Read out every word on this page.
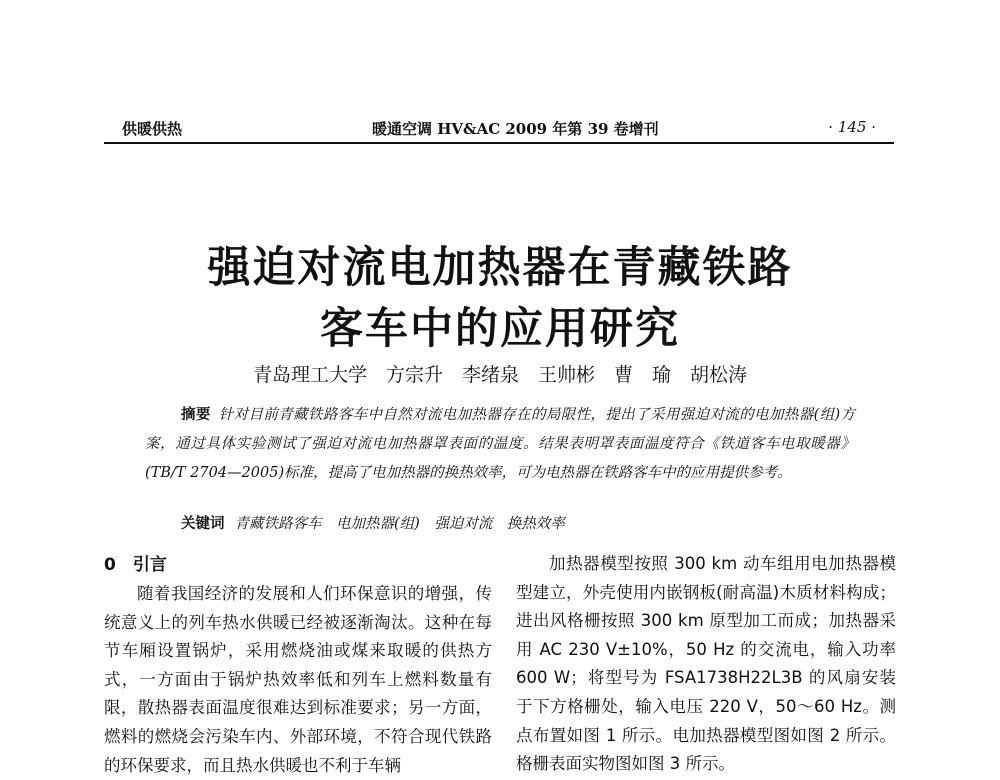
供暖供热	暖通空调 HV&AC 2009 年第 39 卷增刊	· 145 ·
强迫对流电加热器在青藏铁路
客车中的应用研究
青岛理工大学　方宗升　李绪泉　王帅彬　曹　瑜　胡松涛

摘要 针对目前青藏铁路客车中自然对流电加热器存在的局限性，提出了采用强迫对流的电加热器(组)方案，通过具体实验测试了强迫对流电加热器罩表面的温度。结果表明罩表面温度符合《铁道客车电取暖器》(TB/T 2704—2005)标准，提高了电加热器的换热效率，可为电热器在铁路客车中的应用提供参考。

关键词 青藏铁路客车　电加热器(组)　强迫对流　换热效率
0　引言

随着我国经济的发展和人们环保意识的增强，传统意义上的列车热水供暖已经被逐渐淘汰。这种在每节车厢设置锅炉，采用燃烧油或煤来取暖的供热方式，一方面由于锅炉热效率低和列车上燃料数量有限，散热器表面温度很难达到标准要求；另一方面，燃料的燃烧会污染车内、外部环境，不符合现代铁路的环保要求，而且热水供暖也不利于车辆

加热器模型按照 300 km 动车组用电加热器模型建立，外壳使用内嵌钢板(耐高温)木质材料构成；进出风格栅按照 300 km 原型加工而成；加热器采用 AC 230 V±10%，50 Hz 的交流电，输入功率 600 W；将型号为 FSA1738H22L3B 的风扇安装于下方格栅处，输入电压 220 V，50～60 Hz。测点布置如图 1 所示。电加热器模型图如图 2 所示。格栅表面实物图如图 3 所示。
